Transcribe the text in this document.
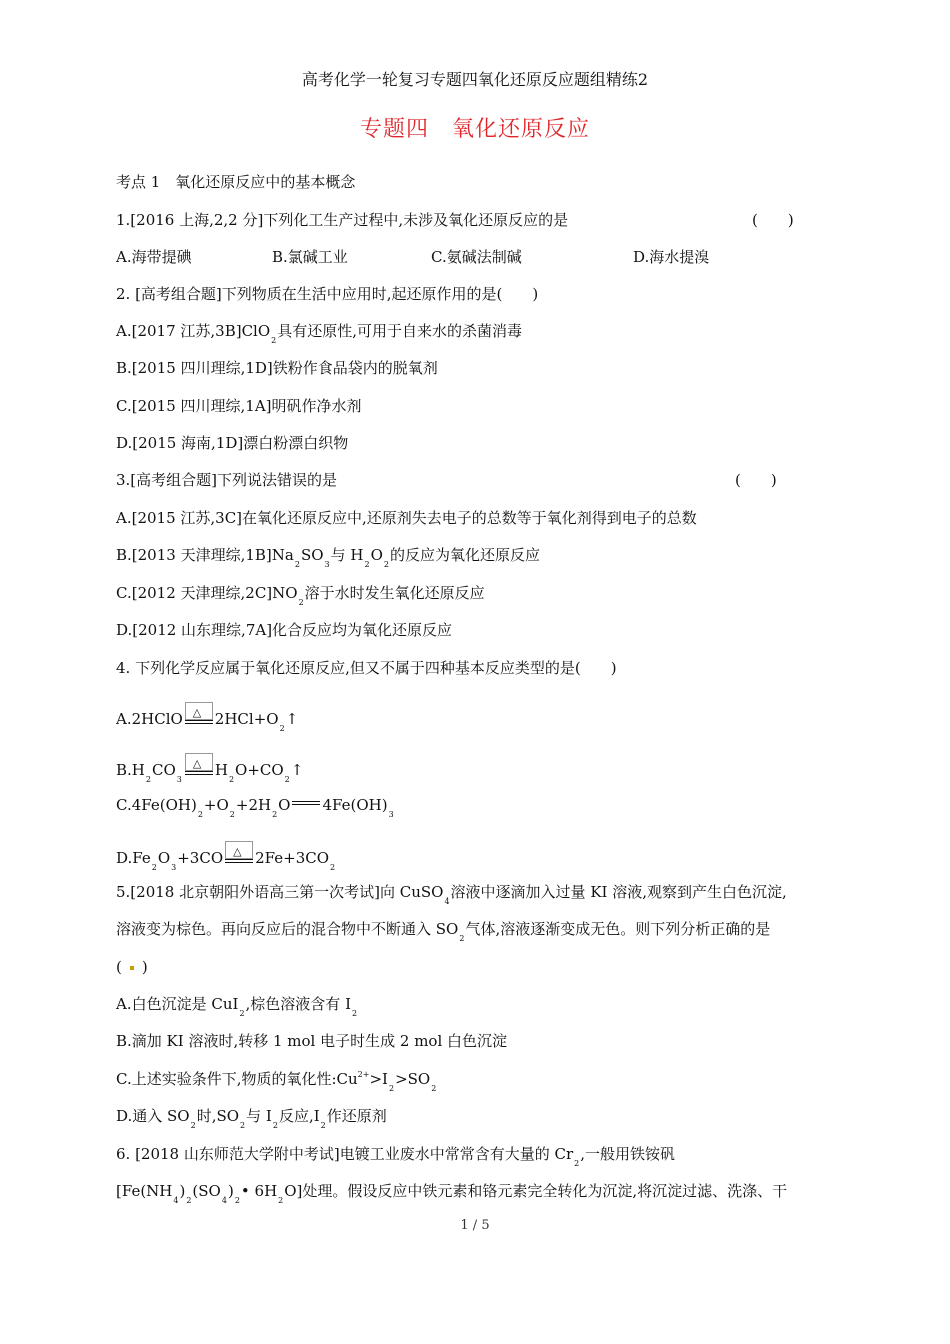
高考化学一轮复习专题四氧化还原反应题组精练2
专题四　氧化还原反应
考点 1　氧化还原反应中的基本概念
1.[2016 上海,2,2 分]下列化工生产过程中,未涉及氧化还原反应的是	(　　)
A.海带提碘	B.氯碱工业	C.氨碱法制碱	D.海水提溴
2. [高考组合题]下列物质在生活中应用时,起还原作用的是(　　)
A.[2017 江苏,3B]ClO$_2$具有还原性,可用于自来水的杀菌消毒
B.[2015 四川理综,1D]铁粉作食品袋内的脱氧剂
C.[2015 四川理综,1A]明矾作净水剂
D.[2015 海南,1D]漂白粉漂白织物
3.[高考组合题]下列说法错误的是	(　　)
A.[2015 江苏,3C]在氧化还原反应中,还原剂失去电子的总数等于氧化剂得到电子的总数
B.[2013 天津理综$,1B]Na_2SO_3$与 $H_2O_2$的反应为氧化还原反应
C.[2012 天津理综$,2C]NO_2$溶于水时发生氧化还原反应
D.[2012 山东理综,7A]化合反应均为氧化还原反应
4. 下列化学反应属于氧化还原反应,但又不属于四种基本反应类型的是(　　)
A.2HClO △ $2HCl+O_2↑$
$B.H_2CO_3$
△ $H_2O+CO_2↑$
$C.4Fe(OH)_2+O_2+2H_2O$ $4Fe(OH)_3$
$D.Fe_2O_3+3CO$ △ $2Fe+3CO_2$
5.[2018 北京朝阳外语高三第一次考试]向 CuSO$_4$溶液中逐滴加入过量 KI 溶液,观察到产生白色沉淀,
溶液变为棕色。再向反应后的混合物中不断通入 $SO_2$气体,溶液逐渐变成无色。则下列分析正确的是
( )
A.白色沉淀是 CuI$_2$,棕色溶液含有 $I_2$
B.滴加 KI 溶液时,转移 1 mol 电子时生成 2 mol 白色沉淀
C.上述实验条件下,物质的氧化性$:Cu^{2+}>I_2>SO_2$
D.通入 $SO_2$时$,SO_2$与 $I_2$反应$,I_2$作还原剂
6. [2018 山东师范大学附中考试]电镀工业废水中常常含有大量的 $Cr_2$,一般用铁铵矾
[$Fe(NH_4)_2(SO_4)_2•$ $6H_2O$]处理。假设反应中铁元素和铬元素完全转化为沉淀,将沉淀过滤、洗涤、干
1 / 5
